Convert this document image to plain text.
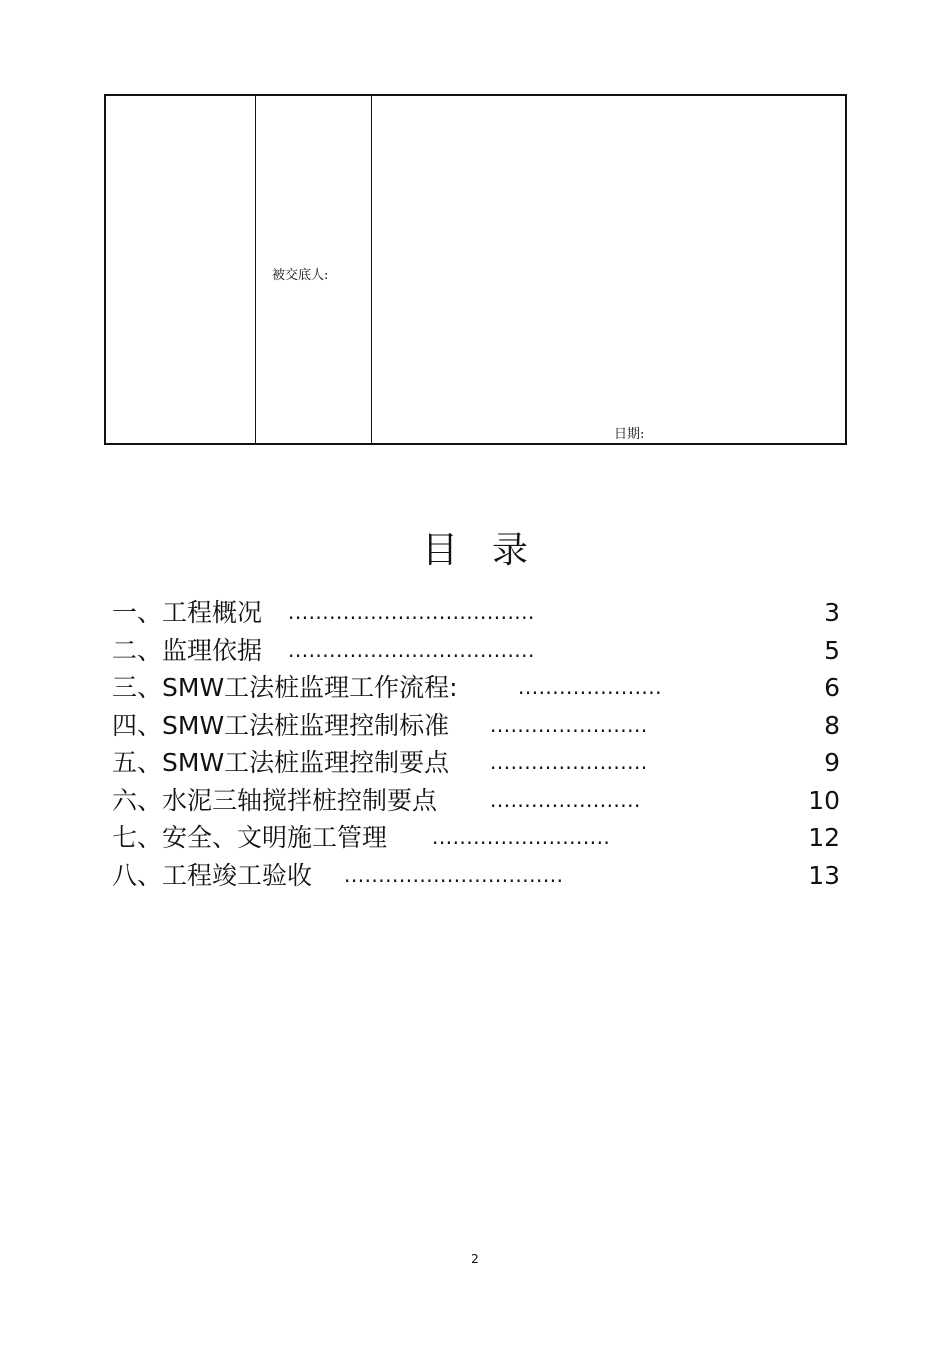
被交底人:
日期:
目录
一、工程概况 ....................................	3
二、监理依据 ....................................	5
三、SMW工法桩监理工作流程:	.....................	6
四、SMW工法桩监理控制标准 .......................	8
五、SMW工法桩监理控制要点 .......................	9
六、水泥三轴搅拌桩控制要点	......................	10
七、安全、文明施工管理 ..........................	12
八、工程竣工验收 ................................	13
2
